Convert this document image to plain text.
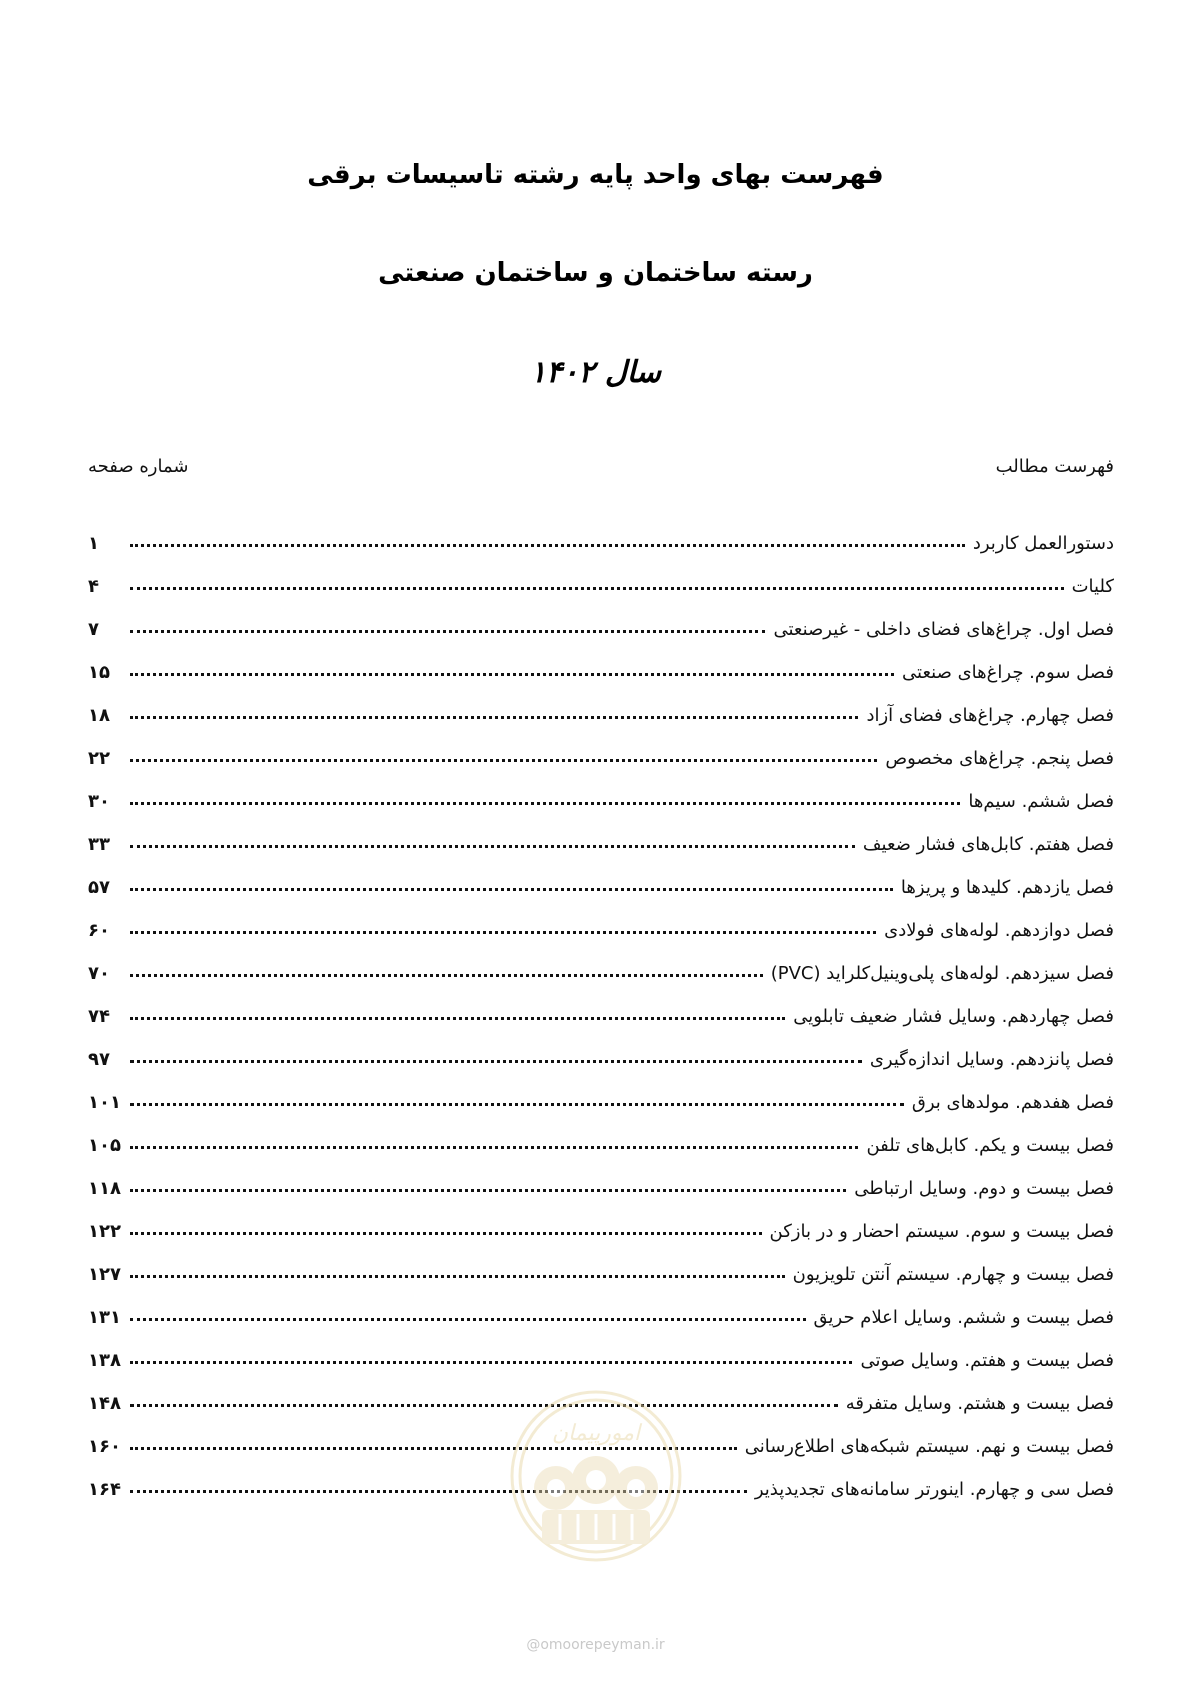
فهرست بهای واحد پایه رشته تاسیسات برقی
رسته ساختمان و ساختمان صنعتی
سال ۱۴۰۲
فهرست مطالب
شماره صفحه
دستورالعمل کاربرد
۱
کلیات
۴
فصل اول. چراغ‌های فضای داخلی - غیرصنعتی
۷
فصل سوم. چراغ‌های صنعتی
۱۵
فصل چهارم. چراغ‌های فضای آزاد
۱۸
فصل پنجم. چراغ‌های مخصوص
۲۲
فصل ششم. سیم‌ها
۳۰
فصل هفتم. کابل‌های فشار ضعیف
۳۳
فصل یازدهم. کلیدها و پریزها
۵۷
فصل دوازدهم. لوله‌های فولادی
۶۰
فصل سیزدهم. لوله‌های پلی‌وینیل‌کلراید (PVC)
۷۰
فصل چهاردهم. وسایل فشار ضعیف تابلویی
۷۴
فصل پانزدهم. وسایل اندازه‌گیری
۹۷
فصل هفدهم. مولدهای برق
۱۰۱
فصل بیست و یکم. کابل‌های تلفن
۱۰۵
فصل بیست و دوم. وسایل ارتباطی
۱۱۸
فصل بیست و سوم. سیستم احضار و در بازکن
۱۲۲
فصل بیست و چهارم. سیستم آنتن تلویزیون
۱۲۷
فصل بیست و ششم. وسایل اعلام حریق
۱۳۱
فصل بیست و هفتم. وسایل صوتی
۱۳۸
فصل بیست و هشتم. وسایل متفرقه
۱۴۸
فصل بیست و نهم. سیستم شبکه‌های اطلاع‌رسانی
۱۶۰
فصل سی و چهارم. اینورتر سامانه‌های تجدیدپذیر
۱۶۴
امورپیمان
@omoorepeyman.ir
